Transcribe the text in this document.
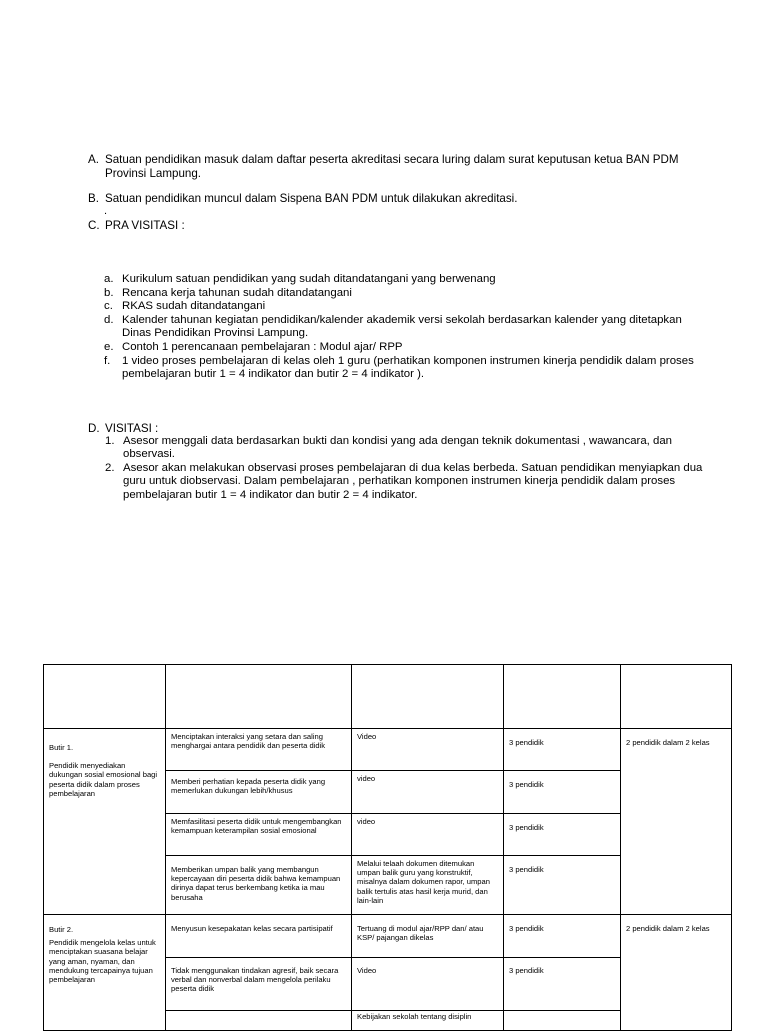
A. Satuan pendidikan masuk dalam daftar peserta akreditasi secara luring dalam surat keputusan ketua BAN PDM Provinsi Lampung.
B. Satuan pendidikan muncul dalam Sispena BAN PDM untuk dilakukan akreditasi.
.
C. PRA VISITASI :
a. Kurikulum satuan pendidikan yang sudah ditandatangani yang berwenang
b. Rencana kerja tahunan sudah ditandatangani
c. RKAS sudah ditandatangani
d. Kalender tahunan kegiatan pendidikan/kalender akademik versi sekolah berdasarkan kalender yang ditetapkan Dinas Pendidikan Provinsi Lampung.
e. Contoh 1 perencanaan pembelajaran : Modul ajar/ RPP
f. 1 video proses pembelajaran di kelas oleh 1 guru (perhatikan komponen instrumen kinerja pendidik dalam proses pembelajaran butir 1 = 4 indikator dan butir 2 = 4 indikator ).
D. VISITASI :
1. Asesor menggali data berdasarkan bukti dan kondisi yang ada dengan teknik dokumentasi , wawancara, dan observasi.
2. Asesor akan melakukan observasi proses pembelajaran di dua kelas berbeda. Satuan pendidikan menyiapkan dua guru untuk diobservasi. Dalam pembelajaran , perhatikan komponen instrumen kinerja pendidik dalam proses pembelajaran butir 1 = 4 indikator dan butir 2 = 4 indikator.

Butir 1.
Pendidik menyediakan dukungan sosial emosional bagi peserta didik dalam proses pembelajaran	Menciptakan interaksi yang setara dan saling menghargai antara pendidik dan peserta didik	Video	3 pendidik	2 pendidik dalam 2 kelas
	Memberi perhatian kepada peserta didik yang memerlukan dukungan lebih/khusus	video	3 pendidik	
	Memfasilitasi peserta didik untuk mengembangkan kemampuan keterampilan sosial emosional	video	3 pendidik	
	Memberikan umpan balik yang membangun kepercayaan diri peserta didik bahwa kemampuan dirinya dapat terus berkembang ketika ia mau berusaha	Melalui telaah dokumen ditemukan umpan balik guru yang konstruktif, misalnya dalam dokumen rapor, umpan balik tertulis atas hasil kerja murid, dan lain-lain	3 pendidik	
Butir 2.
Pendidik mengelola kelas untuk menciptakan suasana belajar yang aman, nyaman, dan mendukung tercapainya tujuan pembelajaran	Menyusun kesepakatan kelas secara partisipatif	Tertuang di modul ajar/RPP dan/ atau KSP/ pajangan dikelas	3 pendidik	2 pendidik dalam 2 kelas
	Tidak menggunakan tindakan agresif, baik secara verbal dan nonverbal dalam mengelola perilaku peserta didik	Video	3 pendidik	
		Kebijakan sekolah tentang disiplin		
